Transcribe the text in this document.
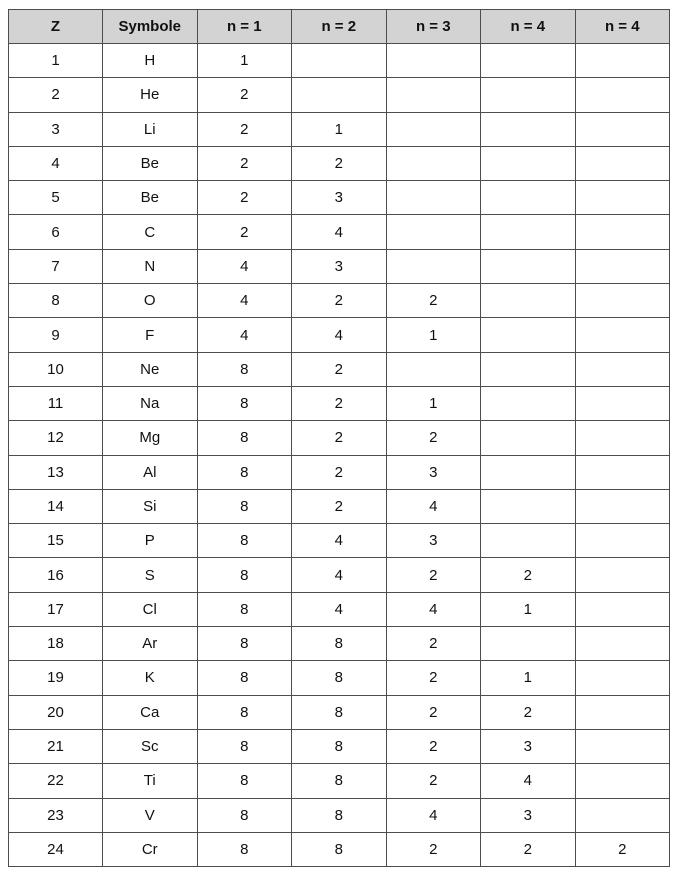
Z	Symbole	n = 1	n = 2	n = 3	n = 4	n = 4
1	H	1				
2	He	2				
3	Li	2	1			
4	Be	2	2			
5	Be	2	3			
6	C	2	4			
7	N	4	3			
8	O	4	2	2		
9	F	4	4	1		
10	Ne	8	2			
11	Na	8	2	1		
12	Mg	8	2	2		
13	Al	8	2	3		
14	Si	8	2	4		
15	P	8	4	3		
16	S	8	4	2	2	
17	Cl	8	4	4	1	
18	Ar	8	8	2		
19	K	8	8	2	1	
20	Ca	8	8	2	2	
21	Sc	8	8	2	3	
22	Ti	8	8	2	4	
23	V	8	8	4	3	
24	Cr	8	8	2	2	2
